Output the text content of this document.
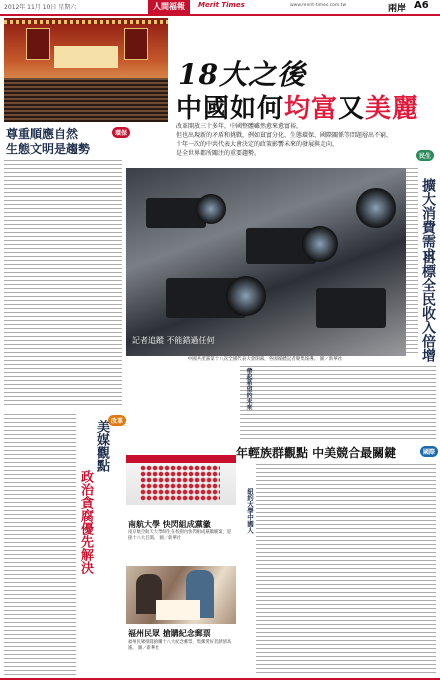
2012年 11月 10日 星期六	人間福報	Merit Times	www.merit-times.com.tw	兩岸 A6
18大之後
中國如何均富又美麗
改革開放三十多年，中國整體雖然愈來愈富裕，
但也出現新的矛盾和挑戰，例如貧富分化、生態環保、國際關係等問題層出不窮，
十年一次的中共代表大會決定的政策影響未來的發展與走向，
是全世界都所關注的重要趨勢。
尊重順應自然
生態文明是趨勢
環保
記者追蹤 不能錯過任何
中國共產黨第十八次全國代表大會開幕，各國媒體記者聚集報導。 圖／新華社
民生
擴大消費需求
目標全民收入倍增
帶起希望的未來
年輕族群觀點 中美競合最關鍵	國際
紐約大學中國人
改革
美媒觀點
政治貪腐優先解決	南航大學 快閃組成黨徽
南京航空航天大學師生在校園內快閃組成黨徽圖案，迎接十八大召開。 圖／新華社
福州民眾 搶購紀念郵票
福州民眾排隊搶購十八大紀念郵票，集郵愛好者熱情高漲。 圖／新華社
